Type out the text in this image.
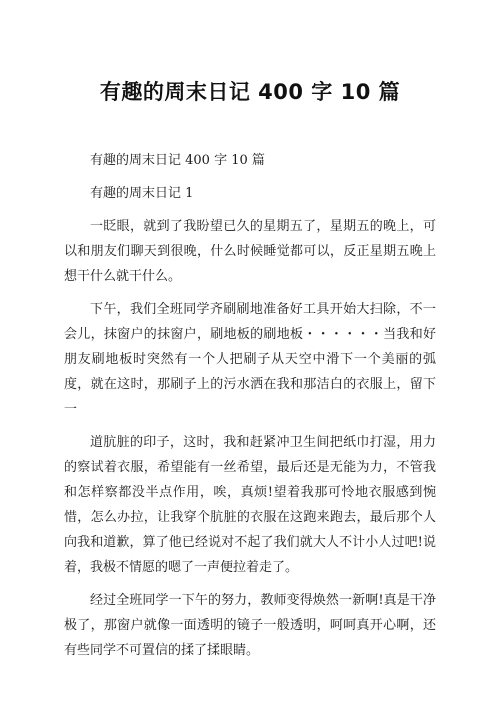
有趣的周末日记 400 字 10 篇

有趣的周末日记 400 字 10 篇

有趣的周末日记 1

一眨眼，就到了我盼望已久的星期五了，星期五的晚上，可以和朋友们聊天到很晚，什么时候睡觉都可以，反正星期五晚上想干什么就干什么。

下午，我们全班同学齐刷刷地准备好工具开始大扫除，不一会儿，抹窗户的抹窗户，刷地板的刷地板・・・・・・当我和好朋友刷地板时突然有一个人把刷子从天空中滑下一个美丽的弧度，就在这时，那刷子上的污水洒在我和那洁白的衣服上，留下一

道肮脏的印子，这时，我和赶紧冲卫生间把纸巾打湿，用力的察试着衣服，希望能有一丝希望，最后还是无能为力，不管我和怎样察都没半点作用，唉，真烦!望着我那可怜地衣服感到惋惜，怎么办拉，让我穿个肮脏的衣服在这跑来跑去，最后那个人向我和道歉，算了他已经说对不起了我们就大人不计小人过吧!说着，我极不情愿的嗯了一声便拉着走了。

经过全班同学一下午的努力，教师变得焕然一新啊!真是干净极了，那窗户就像一面透明的镜子一般透明，呵呵真开心啊，还有些同学不可置信的揉了揉眼睛。
